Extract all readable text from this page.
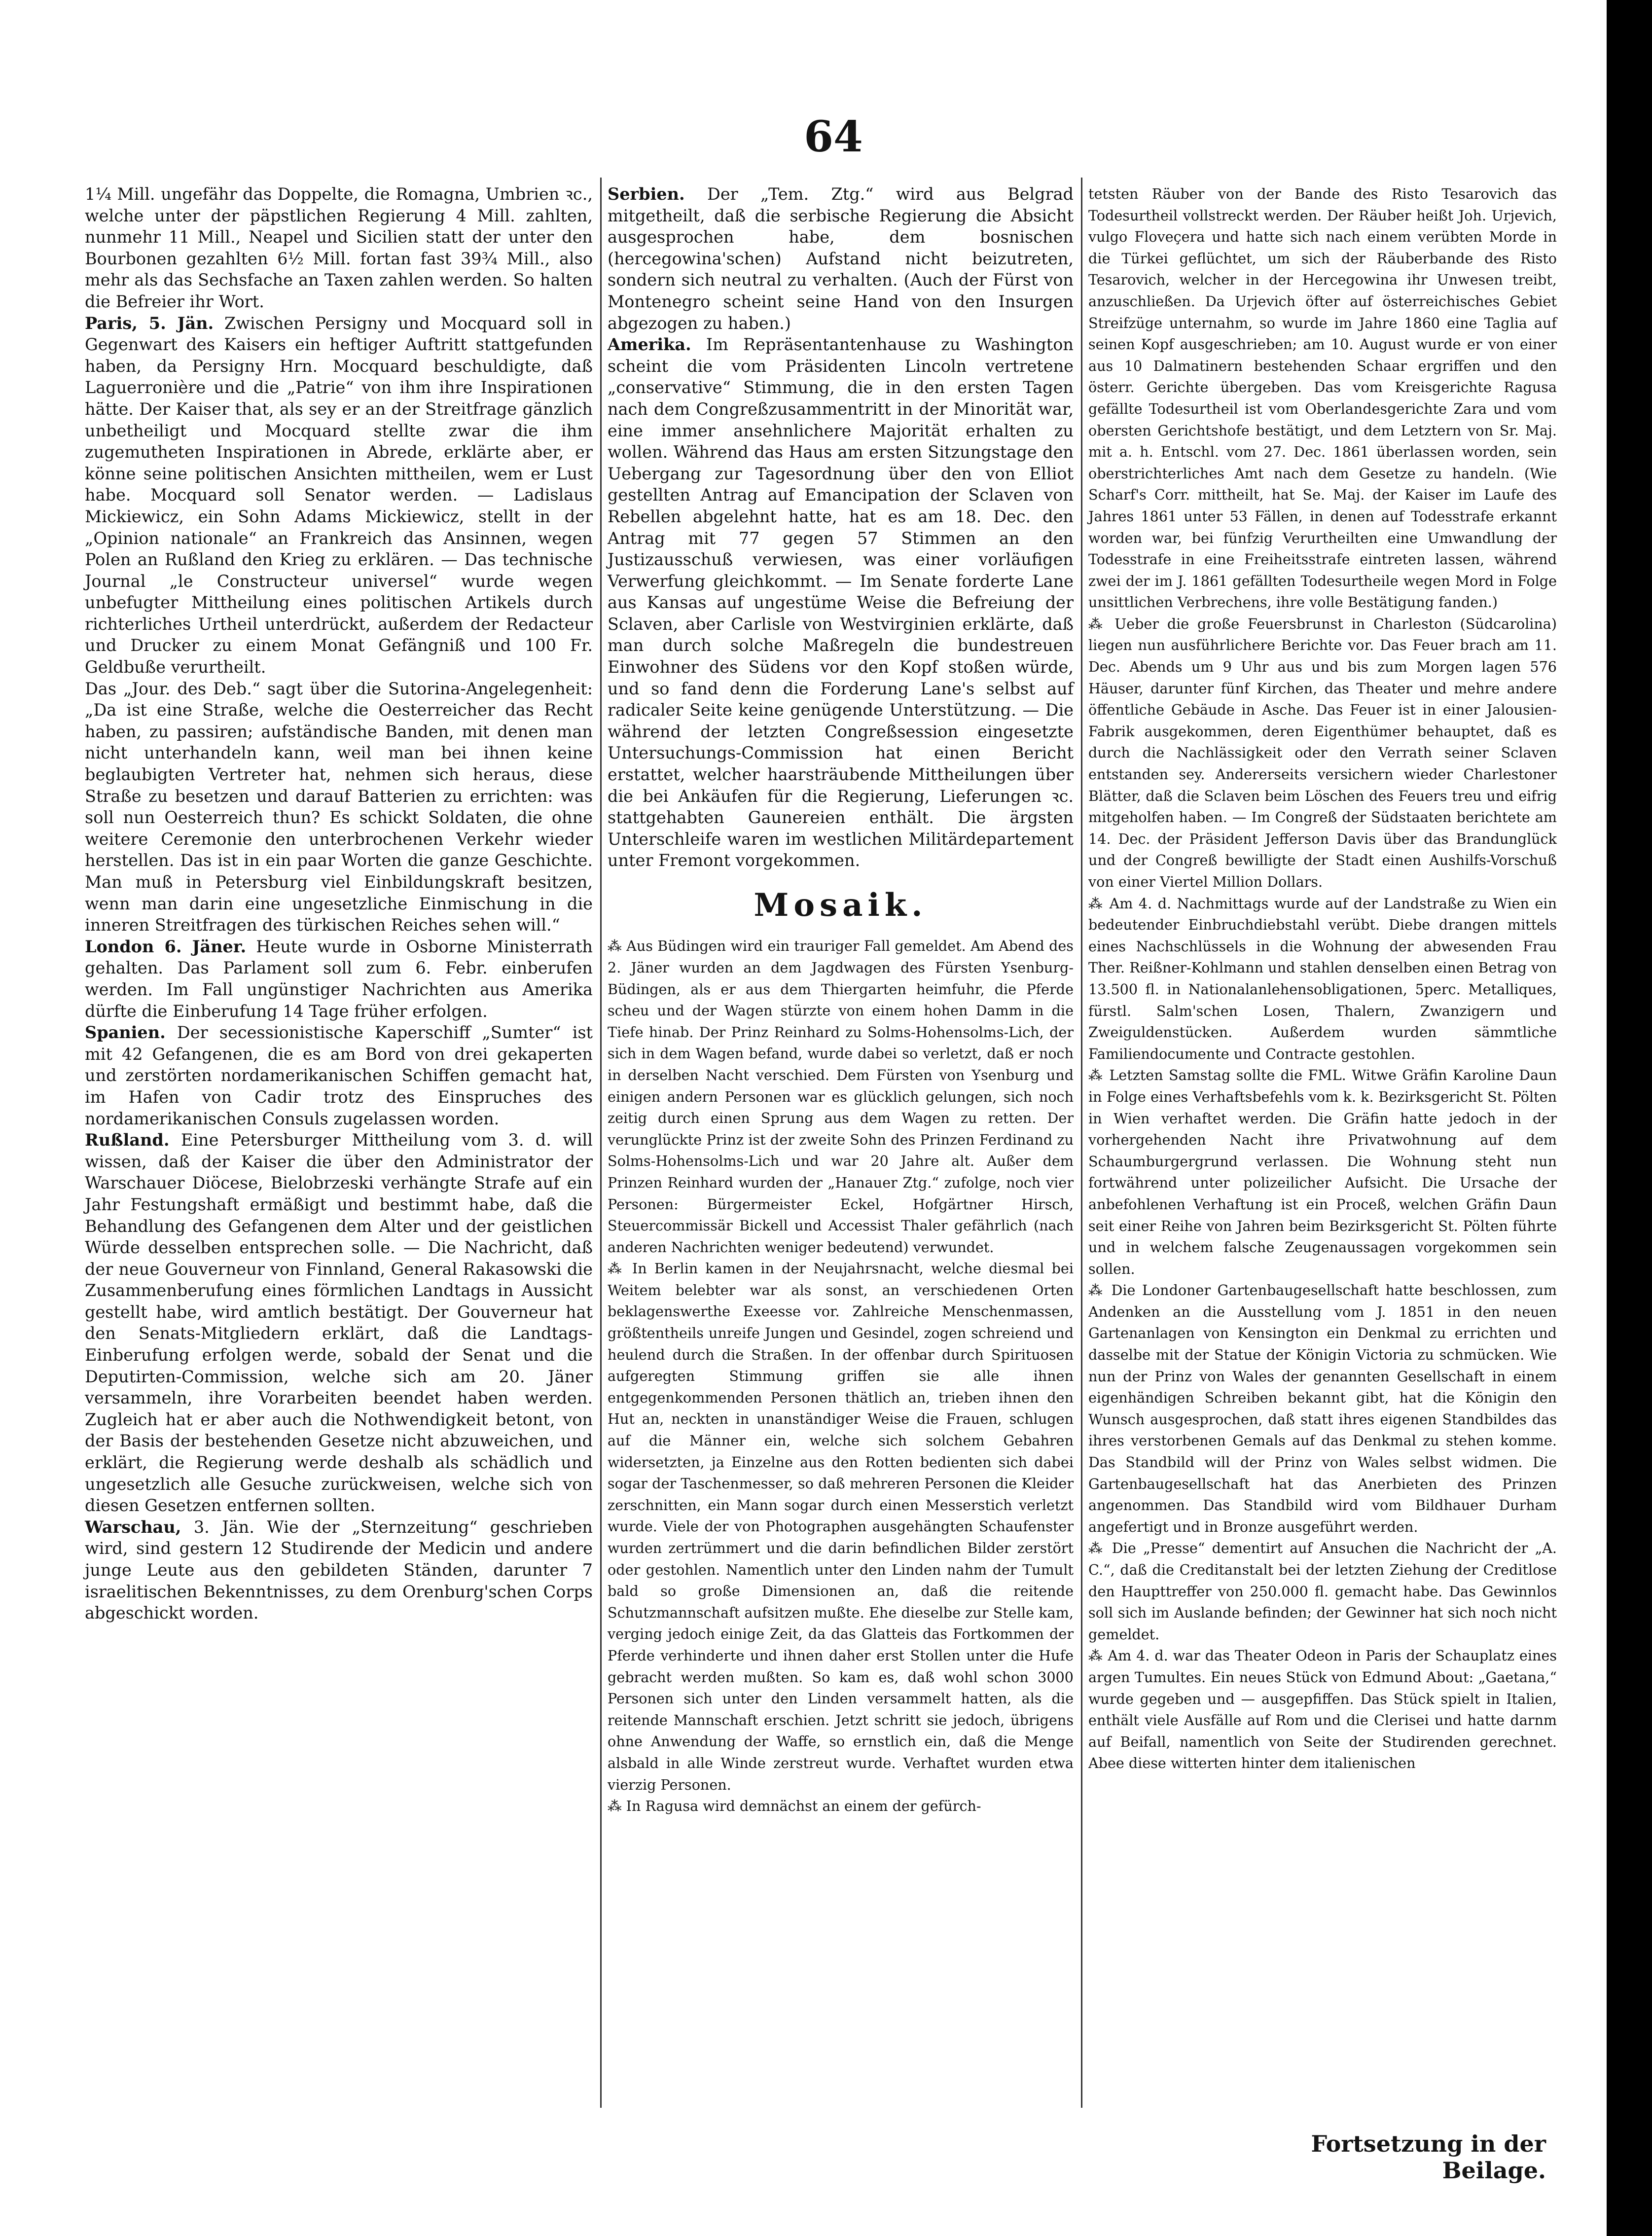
64

1¼ Mill. ungefähr das Doppelte, die Romagna, Umbrien ꝛc., welche unter der päpstlichen Regierung 4 Mill. zahlten, nunmehr 11 Mill., Neapel und Sicilien statt der unter den Bourbonen gezahlten 6½ Mill. fortan fast 39¾ Mill., also mehr als das Sechsfache an Taxen zahlen werden. So halten die Befreier ihr Wort.

Paris, 5. Jän. Zwischen Persigny und Mocquard soll in Gegenwart des Kaisers ein heftiger Auftritt stattgefunden haben, da Persigny Hrn. Mocquard beschuldigte, daß Laguerronière und die „Patrie“ von ihm ihre Inspirationen hätte. Der Kaiser that, als sey er an der Streitfrage gänzlich unbetheiligt und Mocquard stellte zwar die ihm zugemutheten Inspirationen in Abrede, erklärte aber, er könne seine politischen Ansichten mittheilen, wem er Lust habe. Mocquard soll Senator werden. — Ladislaus Mickiewicz, ein Sohn Adams Mickiewicz, stellt in der „Opinion nationale“ an Frankreich das Ansinnen, wegen Polen an Rußland den Krieg zu erklären. — Das technische Journal „le Constructeur universel“ wurde wegen unbefugter Mittheilung eines politischen Artikels durch richterliches Urtheil unterdrückt, außerdem der Redacteur und Drucker zu einem Monat Gefängniß und 100 Fr. Geldbuße verurtheilt.

Das „Jour. des Deb.“ sagt über die Sutorina-Angelegenheit: „Da ist eine Straße, welche die Oesterreicher das Recht haben, zu passiren; aufständische Banden, mit denen man nicht unterhandeln kann, weil man bei ihnen keine beglaubigten Vertreter hat, nehmen sich heraus, diese Straße zu besetzen und darauf Batterien zu errichten: was soll nun Oesterreich thun? Es schickt Soldaten, die ohne weitere Ceremonie den unterbrochenen Verkehr wieder herstellen. Das ist in ein paar Worten die ganze Geschichte. Man muß in Petersburg viel Einbildungskraft besitzen, wenn man darin eine ungesetzliche Einmischung in die inneren Streitfragen des türkischen Reiches sehen will.“

London 6. Jäner. Heute wurde in Osborne Ministerrath gehalten. Das Parlament soll zum 6. Febr. einberufen werden. Im Fall ungünstiger Nachrichten aus Amerika dürfte die Einberufung 14 Tage früher erfolgen.

Spanien. Der secessionistische Kaperschiff „Sumter“ ist mit 42 Gefangenen, die es am Bord von drei gekaperten und zerstörten nordamerikanischen Schiffen gemacht hat, im Hafen von Cadir trotz des Einspruches des nordamerikanischen Consuls zugelassen worden.

Rußland. Eine Petersburger Mittheilung vom 3. d. will wissen, daß der Kaiser die über den Administrator der Warschauer Diöcese, Bielobrzeski verhängte Strafe auf ein Jahr Festungshaft ermäßigt und bestimmt habe, daß die Behandlung des Gefangenen dem Alter und der geistlichen Würde desselben entsprechen solle. — Die Nachricht, daß der neue Gouverneur von Finnland, General Rakasowski die Zusammenberufung eines förmlichen Landtags in Aussicht gestellt habe, wird amtlich bestätigt. Der Gouverneur hat den Senats-Mitgliedern erklärt, daß die Landtags-Einberufung erfolgen werde, sobald der Senat und die Deputirten-Commission, welche sich am 20. Jäner versammeln, ihre Vorarbeiten beendet haben werden. Zugleich hat er aber auch die Nothwendigkeit betont, von der Basis der bestehenden Gesetze nicht abzuweichen, und erklärt, die Regierung werde deshalb als schädlich und ungesetzlich alle Gesuche zurückweisen, welche sich von diesen Gesetzen entfernen sollten.

Warschau, 3. Jän. Wie der „Sternzeitung“ geschrieben wird, sind gestern 12 Studirende der Medicin und andere junge Leute aus den gebildeten Ständen, darunter 7 israelitischen Bekenntnisses, zu dem Orenburg'schen Corps abgeschickt worden.

Serbien. Der „Tem. Ztg.“ wird aus Belgrad mitgetheilt, daß die serbische Regierung die Absicht ausgesprochen habe, dem bosnischen (hercegowina'schen) Aufstand nicht beizutreten, sondern sich neutral zu verhalten. (Auch der Fürst von Montenegro scheint seine Hand von den Insurgen abgezogen zu haben.)

Amerika. Im Repräsentantenhause zu Washington scheint die vom Präsidenten Lincoln vertretene „conservative“ Stimmung, die in den ersten Tagen nach dem Congreßzusammentritt in der Minorität war, eine immer ansehnlichere Majorität erhalten zu wollen. Während das Haus am ersten Sitzungstage den Uebergang zur Tagesordnung über den von Elliot gestellten Antrag auf Emancipation der Sclaven von Rebellen abgelehnt hatte, hat es am 18. Dec. den Antrag mit 77 gegen 57 Stimmen an den Justizausschuß verwiesen, was einer vorläufigen Verwerfung gleichkommt. — Im Senate forderte Lane aus Kansas auf ungestüme Weise die Befreiung der Sclaven, aber Carlisle von Westvirginien erklärte, daß man durch solche Maßregeln die bundestreuen Einwohner des Südens vor den Kopf stoßen würde, und so fand denn die Forderung Lane's selbst auf radicaler Seite keine genügende Unterstützung. — Die während der letzten Congreßsession eingesetzte Untersuchungs-Commission hat einen Bericht erstattet, welcher haarsträubende Mittheilungen über die bei Ankäufen für die Regierung, Lieferungen ꝛc. stattgehabten Gaunereien enthält. Die ärgsten Unterschleife waren im westlichen Militärdepartement unter Fremont vorgekommen.

Mosaik.

⁂ Aus Büdingen wird ein trauriger Fall gemeldet. Am Abend des 2. Jäner wurden an dem Jagdwagen des Fürsten Ysenburg-Büdingen, als er aus dem Thiergarten heimfuhr, die Pferde scheu und der Wagen stürzte von einem hohen Damm in die Tiefe hinab. Der Prinz Reinhard zu Solms-Hohensolms-Lich, der sich in dem Wagen befand, wurde dabei so verletzt, daß er noch in derselben Nacht verschied. Dem Fürsten von Ysenburg und einigen andern Personen war es glücklich gelungen, sich noch zeitig durch einen Sprung aus dem Wagen zu retten. Der verunglückte Prinz ist der zweite Sohn des Prinzen Ferdinand zu Solms-Hohensolms-Lich und war 20 Jahre alt. Außer dem Prinzen Reinhard wurden der „Hanauer Ztg.“ zufolge, noch vier Personen: Bürgermeister Eckel, Hofgärtner Hirsch, Steuercommissär Bickell und Accessist Thaler gefährlich (nach anderen Nachrichten weniger bedeutend) verwundet.

⁂ In Berlin kamen in der Neujahrsnacht, welche diesmal bei Weitem belebter war als sonst, an verschiedenen Orten beklagenswerthe Exeesse vor. Zahlreiche Menschenmassen, größtentheils unreife Jungen und Gesindel, zogen schreiend und heulend durch die Straßen. In der offenbar durch Spirituosen aufgeregten Stimmung griffen sie alle ihnen entgegenkommenden Personen thätlich an, trieben ihnen den Hut an, neckten in unanständiger Weise die Frauen, schlugen auf die Männer ein, welche sich solchem Gebahren widersetzten, ja Einzelne aus den Rotten bedienten sich dabei sogar der Taschenmesser, so daß mehreren Personen die Kleider zerschnitten, ein Mann sogar durch einen Messerstich verletzt wurde. Viele der von Photographen ausgehängten Schaufenster wurden zertrümmert und die darin befindlichen Bilder zerstört oder gestohlen. Namentlich unter den Linden nahm der Tumult bald so große Dimensionen an, daß die reitende Schutzmannschaft aufsitzen mußte. Ehe dieselbe zur Stelle kam, verging jedoch einige Zeit, da das Glatteis das Fortkommen der Pferde verhinderte und ihnen daher erst Stollen unter die Hufe gebracht werden mußten. So kam es, daß wohl schon 3000 Personen sich unter den Linden versammelt hatten, als die reitende Mannschaft erschien. Jetzt schritt sie jedoch, übrigens ohne Anwendung der Waffe, so ernstlich ein, daß die Menge alsbald in alle Winde zerstreut wurde. Verhaftet wurden etwa vierzig Personen.

⁂ In Ragusa wird demnächst an einem der gefürch-

tetsten Räuber von der Bande des Risto Tesarovich das Todesurtheil vollstreckt werden. Der Räuber heißt Joh. Urjevich, vulgo Floveçera und hatte sich nach einem verübten Morde in die Türkei geflüchtet, um sich der Räuberbande des Risto Tesarovich, welcher in der Hercegowina ihr Unwesen treibt, anzuschließen. Da Urjevich öfter auf österreichisches Gebiet Streifzüge unternahm, so wurde im Jahre 1860 eine Taglia auf seinen Kopf ausgeschrieben; am 10. August wurde er von einer aus 10 Dalmatinern bestehenden Schaar ergriffen und den österr. Gerichte übergeben. Das vom Kreisgerichte Ragusa gefällte Todesurtheil ist vom Oberlandesgerichte Zara und vom obersten Gerichtshofe bestätigt, und dem Letztern von Sr. Maj. mit a. h. Entschl. vom 27. Dec. 1861 überlassen worden, sein oberstrichterliches Amt nach dem Gesetze zu handeln. (Wie Scharf's Corr. mittheilt, hat Se. Maj. der Kaiser im Laufe des Jahres 1861 unter 53 Fällen, in denen auf Todesstrafe erkannt worden war, bei fünfzig Verurtheilten eine Umwandlung der Todesstrafe in eine Freiheitsstrafe eintreten lassen, während zwei der im J. 1861 gefällten Todesurtheile wegen Mord in Folge unsittlichen Verbrechens, ihre volle Bestätigung fanden.)

⁂ Ueber die große Feuersbrunst in Charleston (Südcarolina) liegen nun ausführlichere Berichte vor. Das Feuer brach am 11. Dec. Abends um 9 Uhr aus und bis zum Morgen lagen 576 Häuser, darunter fünf Kirchen, das Theater und mehre andere öffentliche Gebäude in Asche. Das Feuer ist in einer Jalousien-Fabrik ausgekommen, deren Eigenthümer behauptet, daß es durch die Nachlässigkeit oder den Verrath seiner Sclaven entstanden sey. Andererseits versichern wieder Charlestoner Blätter, daß die Sclaven beim Löschen des Feuers treu und eifrig mitgeholfen haben. — Im Congreß der Südstaaten berichtete am 14. Dec. der Präsident Jefferson Davis über das Brandunglück und der Congreß bewilligte der Stadt einen Aushilfs-Vorschuß von einer Viertel Million Dollars.

⁂ Am 4. d. Nachmittags wurde auf der Landstraße zu Wien ein bedeutender Einbruchdiebstahl verübt. Diebe drangen mittels eines Nachschlüssels in die Wohnung der abwesenden Frau Ther. Reißner-Kohlmann und stahlen denselben einen Betrag von 13.500 fl. in Nationalanlehensobligationen, 5perc. Metalliques, fürstl. Salm'schen Losen, Thalern, Zwanzigern und Zweiguldenstücken. Außerdem wurden sämmtliche Familiendocumente und Contracte gestohlen.

⁂ Letzten Samstag sollte die FML. Witwe Gräfin Karoline Daun in Folge eines Verhaftsbefehls vom k. k. Bezirksgericht St. Pölten in Wien verhaftet werden. Die Gräfin hatte jedoch in der vorhergehenden Nacht ihre Privatwohnung auf dem Schaumburgergrund verlassen. Die Wohnung steht nun fortwährend unter polizeilicher Aufsicht. Die Ursache der anbefohlenen Verhaftung ist ein Proceß, welchen Gräfin Daun seit einer Reihe von Jahren beim Bezirksgericht St. Pölten führte und in welchem falsche Zeugenaussagen vorgekommen sein sollen.

⁂ Die Londoner Gartenbaugesellschaft hatte beschlossen, zum Andenken an die Ausstellung vom J. 1851 in den neuen Gartenanlagen von Kensington ein Denkmal zu errichten und dasselbe mit der Statue der Königin Victoria zu schmücken. Wie nun der Prinz von Wales der genannten Gesellschaft in einem eigenhändigen Schreiben bekannt gibt, hat die Königin den Wunsch ausgesprochen, daß statt ihres eigenen Standbildes das ihres verstorbenen Gemals auf das Denkmal zu stehen komme. Das Standbild will der Prinz von Wales selbst widmen. Die Gartenbaugesellschaft hat das Anerbieten des Prinzen angenommen. Das Standbild wird vom Bildhauer Durham angefertigt und in Bronze ausgeführt werden.

⁂ Die „Presse“ dementirt auf Ansuchen die Nachricht der „A. C.“, daß die Creditanstalt bei der letzten Ziehung der Creditlose den Haupttreffer von 250.000 fl. gemacht habe. Das Gewinnlos soll sich im Auslande befinden; der Gewinner hat sich noch nicht gemeldet.

⁂ Am 4. d. war das Theater Odeon in Paris der Schauplatz eines argen Tumultes. Ein neues Stück von Edmund About: „Gaetana,“ wurde gegeben und — ausgepfiffen. Das Stück spielt in Italien, enthält viele Ausfälle auf Rom und die Clerisei und hatte darnm auf Beifall, namentlich von Seite der Studirenden gerechnet. Abee diese witterten hinter dem italienischen

Fortsetzung in der Beilage.
